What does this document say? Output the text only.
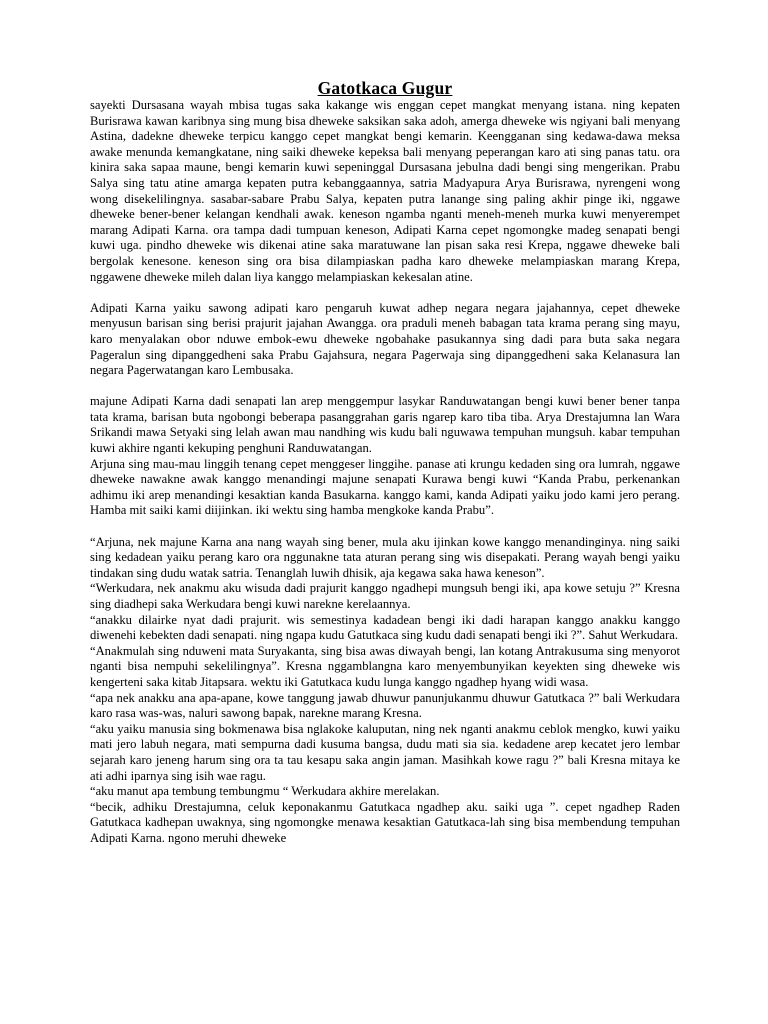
Gatotkaca Gugur

sayekti Dursasana wayah mbisa tugas saka kakange wis enggan cepet mangkat menyang istana. ning kepaten Burisrawa kawan karibnya sing mung bisa dheweke saksikan saka adoh, amerga dheweke wis ngiyani bali menyang Astina, dadekne dheweke terpicu kanggo cepet mangkat bengi kemarin. Keengganan sing kedawa-dawa meksa awake menunda kemangkatane, ning saiki dheweke kepeksa bali menyang peperangan karo ati sing panas tatu. ora kinira saka sapaa maune, bengi kemarin kuwi sepeninggal Dursasana jebulna dadi bengi sing mengerikan. Prabu Salya sing tatu atine amarga kepaten putra kebanggaannya, satria Madyapura Arya Burisrawa, nyrengeni wong wong disekelilingnya. sasabar-sabare Prabu Salya, kepaten putra lanange sing paling akhir pinge iki, nggawe dheweke bener-bener kelangan kendhali awak. keneson ngamba nganti meneh-meneh murka kuwi menyerempet marang Adipati Karna. ora tampa dadi tumpuan keneson, Adipati Karna cepet ngomongke madeg senapati bengi kuwi uga. pindho dheweke wis dikenai atine saka maratuwane lan pisan saka resi Krepa, nggawe dheweke bali bergolak kenesone. keneson sing ora bisa dilampiaskan padha karo dheweke melampiaskan marang Krepa, nggawene dheweke mileh dalan liya kanggo melampiaskan kekesalan atine.

Adipati Karna yaiku sawong adipati karo pengaruh kuwat adhep negara negara jajahannya, cepet dheweke menyusun barisan sing berisi prajurit jajahan Awangga. ora praduli meneh babagan tata krama perang sing mayu, karo menyalakan obor nduwe embok-ewu dheweke ngobahake pasukannya sing dadi para buta saka negara Pageralun sing dipanggedheni saka Prabu Gajahsura, negara Pagerwaja sing dipanggedheni saka Kelanasura lan negara Pagerwatangan karo Lembusaka.

majune Adipati Karna dadi senapati lan arep menggempur lasykar Randuwatangan bengi kuwi bener bener tanpa tata krama, barisan buta ngobongi beberapa pasanggrahan garis ngarep karo tiba tiba. Arya Drestajumna lan Wara Srikandi mawa Setyaki sing lelah awan mau nandhing wis kudu bali nguwawa tempuhan mungsuh. kabar tempuhan kuwi akhire nganti kekuping penghuni Randuwatangan.

Arjuna sing mau-mau linggih tenang cepet menggeser linggihe. panase ati krungu kedaden sing ora lumrah, nggawe dheweke nawakne awak kanggo menandingi majune senapati Kurawa bengi kuwi “Kanda Prabu, perkenankan adhimu iki arep menandingi kesaktian kanda Basukarna. kanggo kami, kanda Adipati yaiku jodo kami jero perang. Hamba mit saiki kami diijinkan. iki wektu sing hamba mengkoke kanda Prabu”.

“Arjuna, nek majune Karna ana nang wayah sing bener, mula aku ijinkan kowe kanggo menandinginya. ning saiki sing kedadean yaiku perang karo ora nggunakne tata aturan perang sing wis disepakati. Perang wayah bengi yaiku tindakan sing dudu watak satria. Tenanglah luwih dhisik, aja kegawa saka hawa keneson”.

“Werkudara, nek anakmu aku wisuda dadi prajurit kanggo ngadhepi mungsuh bengi iki, apa kowe setuju ?” Kresna sing diadhepi saka Werkudara bengi kuwi narekne kerelaannya.

“anakku dilairke nyat dadi prajurit. wis semestinya kadadean bengi iki dadi harapan kanggo anakku kanggo diwenehi kebekten dadi senapati. ning ngapa kudu Gatutkaca sing kudu dadi senapati bengi iki ?”. Sahut Werkudara.

“Anakmulah sing nduweni mata Suryakanta, sing bisa awas diwayah bengi, lan kotang Antrakusuma sing menyorot nganti bisa nempuhi sekelilingnya”. Kresna nggamblangna karo menyembunyikan keyekten sing dheweke wis kengerteni saka kitab Jitapsara. wektu iki Gatutkaca kudu lunga kanggo ngadhep hyang widi wasa.

“apa nek anakku ana apa-apane, kowe tanggung jawab dhuwur panunjukanmu dhuwur Gatutkaca ?” bali Werkudara karo rasa was-was, naluri sawong bapak, narekne marang Kresna.

“aku yaiku manusia sing bokmenawa bisa nglakoke kaluputan, ning nek nganti anakmu ceblok mengko, kuwi yaiku mati jero labuh negara, mati sempurna dadi kusuma bangsa, dudu mati sia sia. kedadene arep kecatet jero lembar sejarah karo jeneng harum sing ora ta tau kesapu saka angin jaman. Masihkah kowe ragu ?” bali Kresna mitaya ke ati adhi iparnya sing isih wae ragu.

“aku manut apa tembung tembungmu “ Werkudara akhire merelakan.

“becik, adhiku Drestajumna, celuk keponakanmu Gatutkaca ngadhep aku. saiki uga ”. cepet ngadhep Raden Gatutkaca kadhepan uwaknya, sing ngomongke menawa kesaktian Gatutkaca-lah sing bisa membendung tempuhan Adipati Karna. ngono meruhi dheweke
